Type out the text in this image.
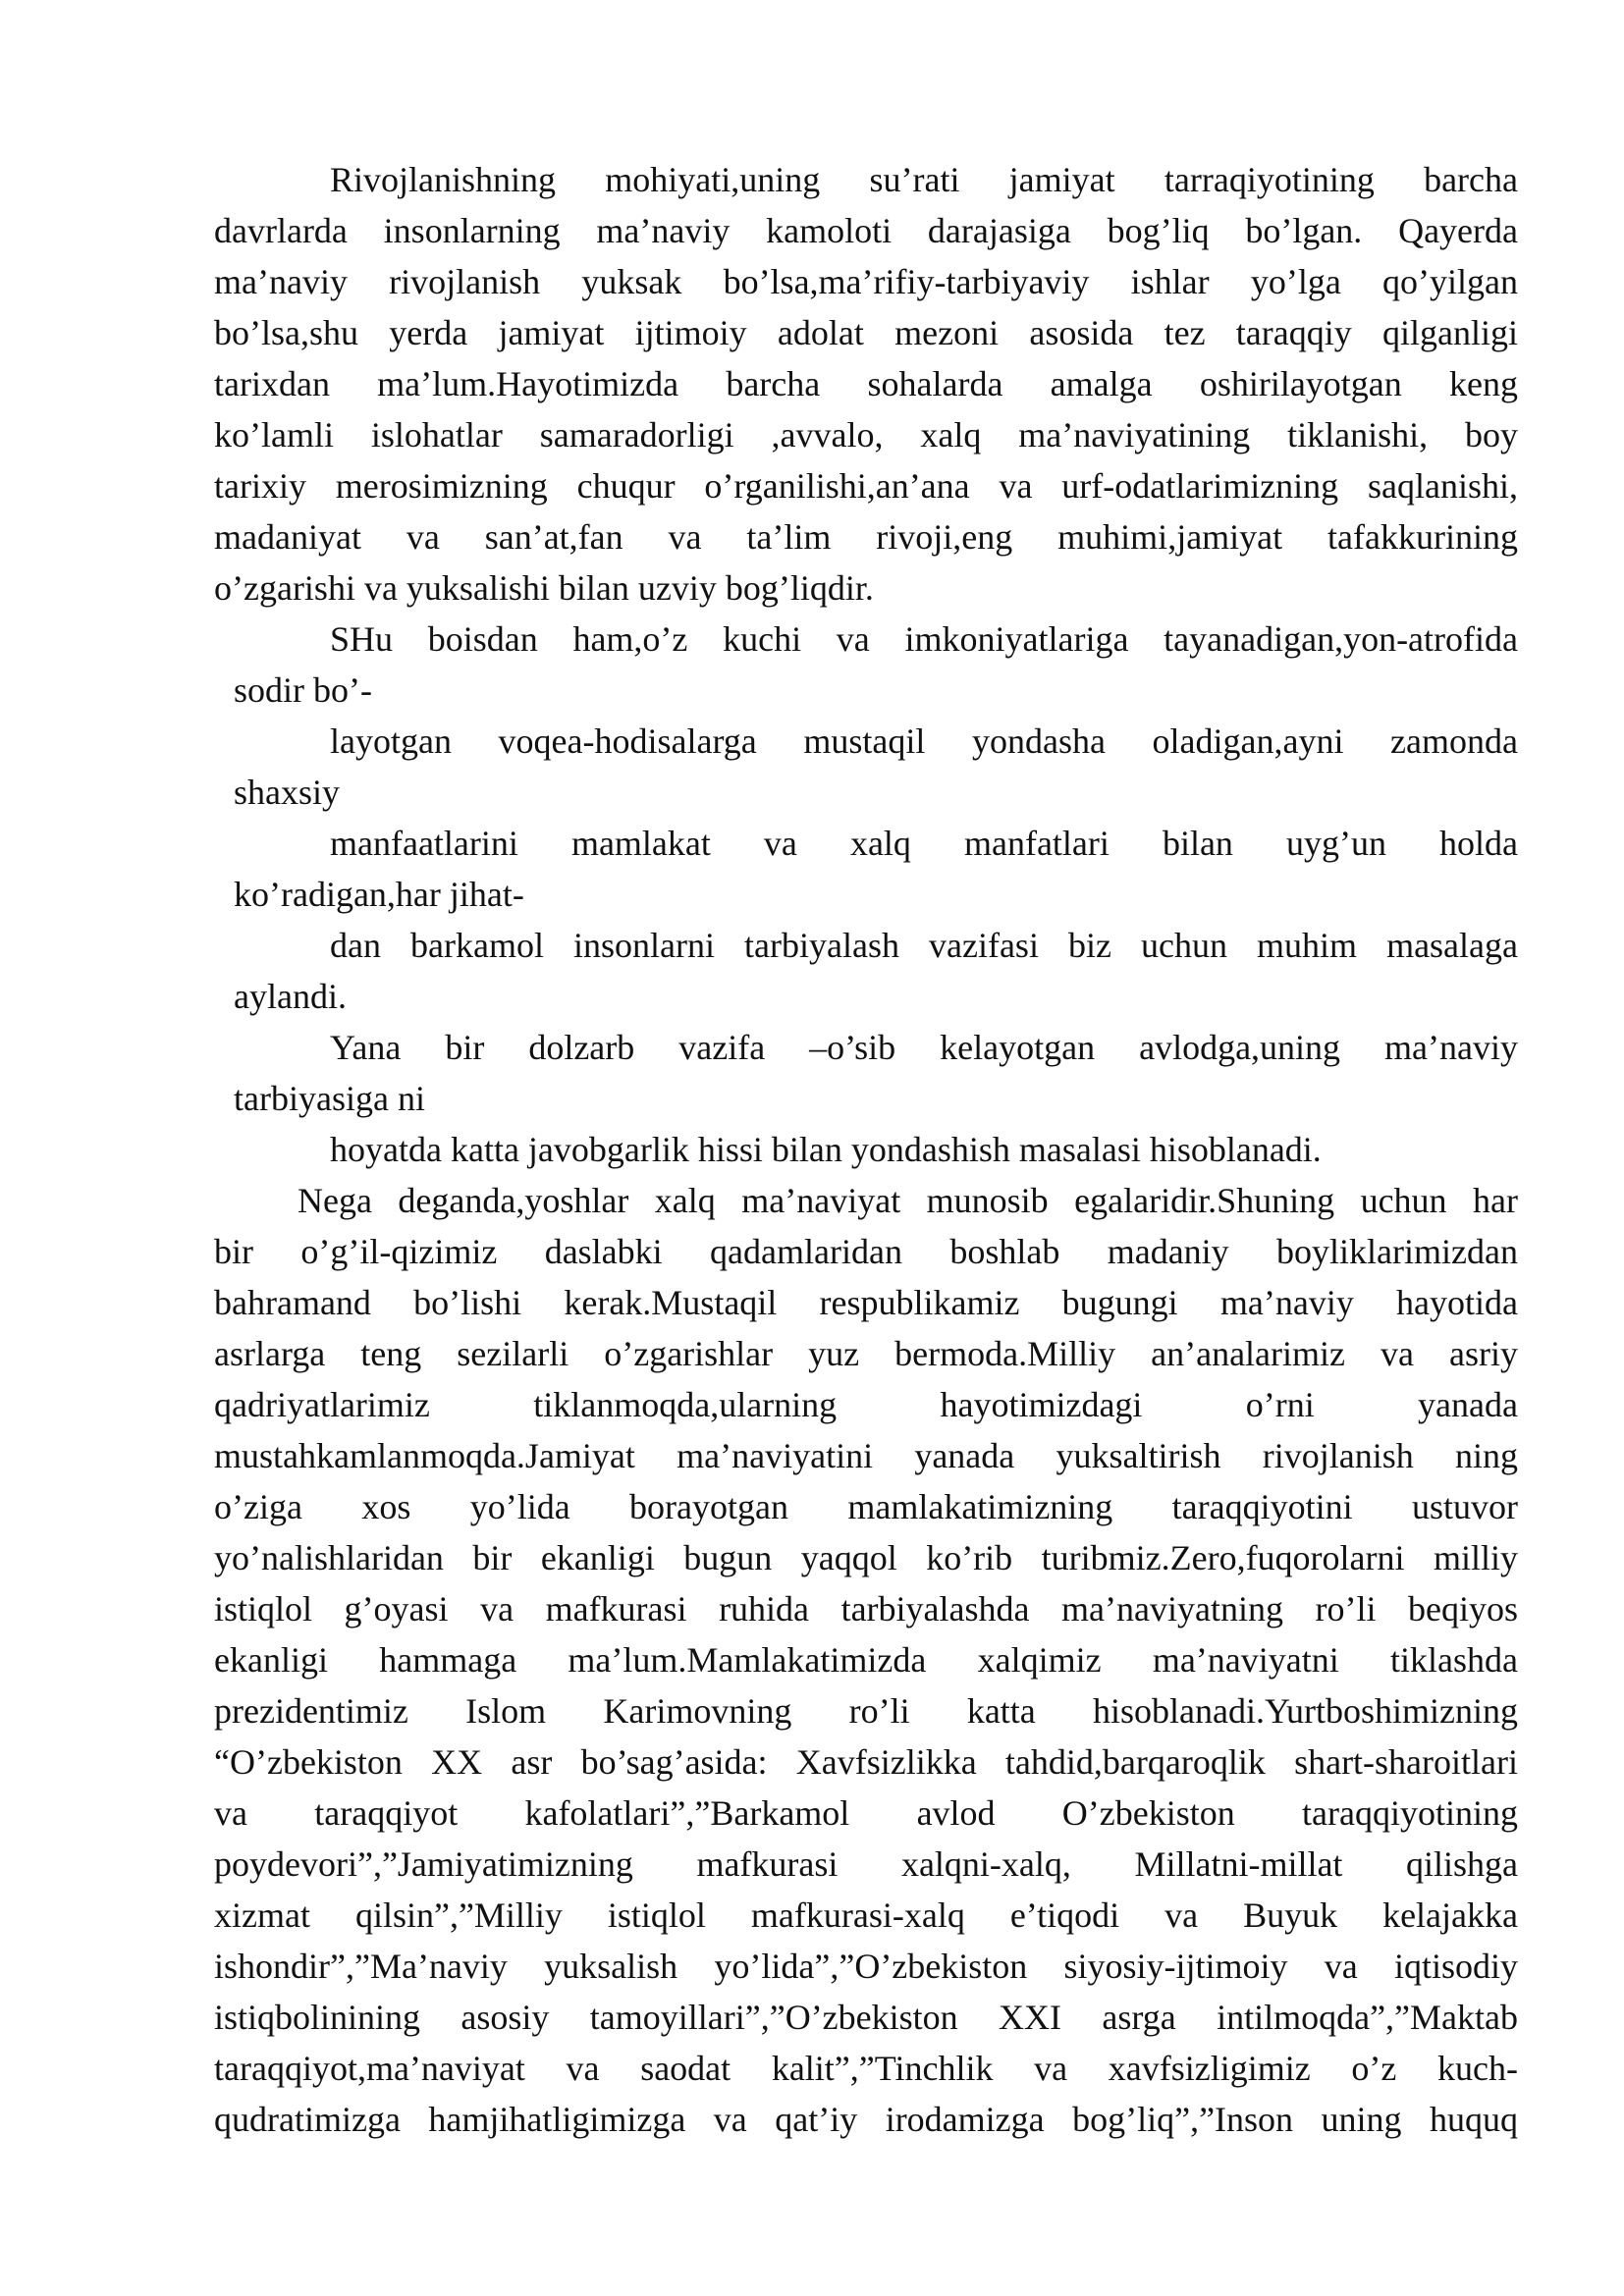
Rivojlanishning mohiyati,uning su’rati jamiyat tarraqiyotining barcha
davrlarda insonlarning ma’naviy kamoloti darajasiga bog’liq bo’lgan. Qayerda
ma’naviy rivojlanish yuksak bo’lsa,ma’rifiy-tarbiyaviy ishlar yo’lga qo’yilgan
bo’lsa,shu yerda jamiyat ijtimoiy adolat mezoni asosida tez taraqqiy qilganligi
tarixdan ma’lum.Hayotimizda barcha sohalarda amalga oshirilayotgan keng
ko’lamli islohatlar samaradorligi ,avvalo, xalq ma’naviyatining tiklanishi, boy
tarixiy merosimizning chuqur o’rganilishi,an’ana va urf-odatlarimizning saqlanishi,
madaniyat va san’at,fan va ta’lim rivoji,eng muhimi,jamiyat tafakkurining
o’zgarishi va yuksalishi bilan uzviy bog’liqdir.
SHu boisdan ham,o’z kuchi va imkoniyatlariga tayanadigan,yon-atrofida
sodir bo’-
layotgan voqea-hodisalarga mustaqil yondasha oladigan,ayni zamonda
shaxsiy
manfaatlarini mamlakat va xalq manfatlari bilan uyg’un holda
ko’radigan,har jihat-
dan barkamol insonlarni tarbiyalash vazifasi biz uchun muhim masalaga
aylandi.
Yana bir dolzarb vazifa –o’sib kelayotgan avlodga,uning ma’naviy
tarbiyasiga ni
hoyatda katta javobgarlik hissi bilan yondashish masalasi hisoblanadi.
Nega deganda,yoshlar xalq ma’naviyat munosib egalaridir.Shuning uchun har
bir o’g’il-qizimiz daslabki qadamlaridan boshlab madaniy boyliklarimizdan
bahramand bo’lishi kerak.Mustaqil respublikamiz bugungi ma’naviy hayotida
asrlarga teng sezilarli o’zgarishlar yuz bermoda.Milliy an’analarimiz va asriy
qadriyatlarimiz tiklanmoqda,ularning hayotimizdagi o’rni yanada
mustahkamlanmoqda.Jamiyat ma’naviyatini yanada yuksaltirish rivojlanish ning
o’ziga xos yo’lida borayotgan mamlakatimizning taraqqiyotini ustuvor
yo’nalishlaridan bir ekanligi bugun yaqqol ko’rib turibmiz.Zero,fuqorolarni milliy
istiqlol g’oyasi va mafkurasi ruhida tarbiyalashda ma’naviyatning ro’li beqiyos
ekanligi hammaga ma’lum.Mamlakatimizda xalqimiz ma’naviyatni tiklashda
prezidentimiz Islom Karimovning ro’li katta hisoblanadi.Yurtboshimizning
“O’zbekiston XX asr bo’sag’asida: Xavfsizlikka tahdid,barqaroqlik shart-sharoitlari
va taraqqiyot kafolatlari”,”Barkamol avlod O’zbekiston taraqqiyotining
poydevori”,”Jamiyatimizning mafkurasi xalqni-xalq, Millatni-millat qilishga
xizmat qilsin”,”Milliy istiqlol mafkurasi-xalq e’tiqodi va Buyuk kelajakka
ishondir”,”Ma’naviy yuksalish yo’lida”,”O’zbekiston siyosiy-ijtimoiy va iqtisodiy
istiqbolinining asosiy tamoyillari”,”O’zbekiston XXI asrga intilmoqda”,”Maktab
taraqqiyot,ma’naviyat va saodat kalit”,”Tinchlik va xavfsizligimiz o’z kuch-
qudratimizga hamjihatligimizga va qat’iy irodamizga bog’liq”,”Inson uning huquq
